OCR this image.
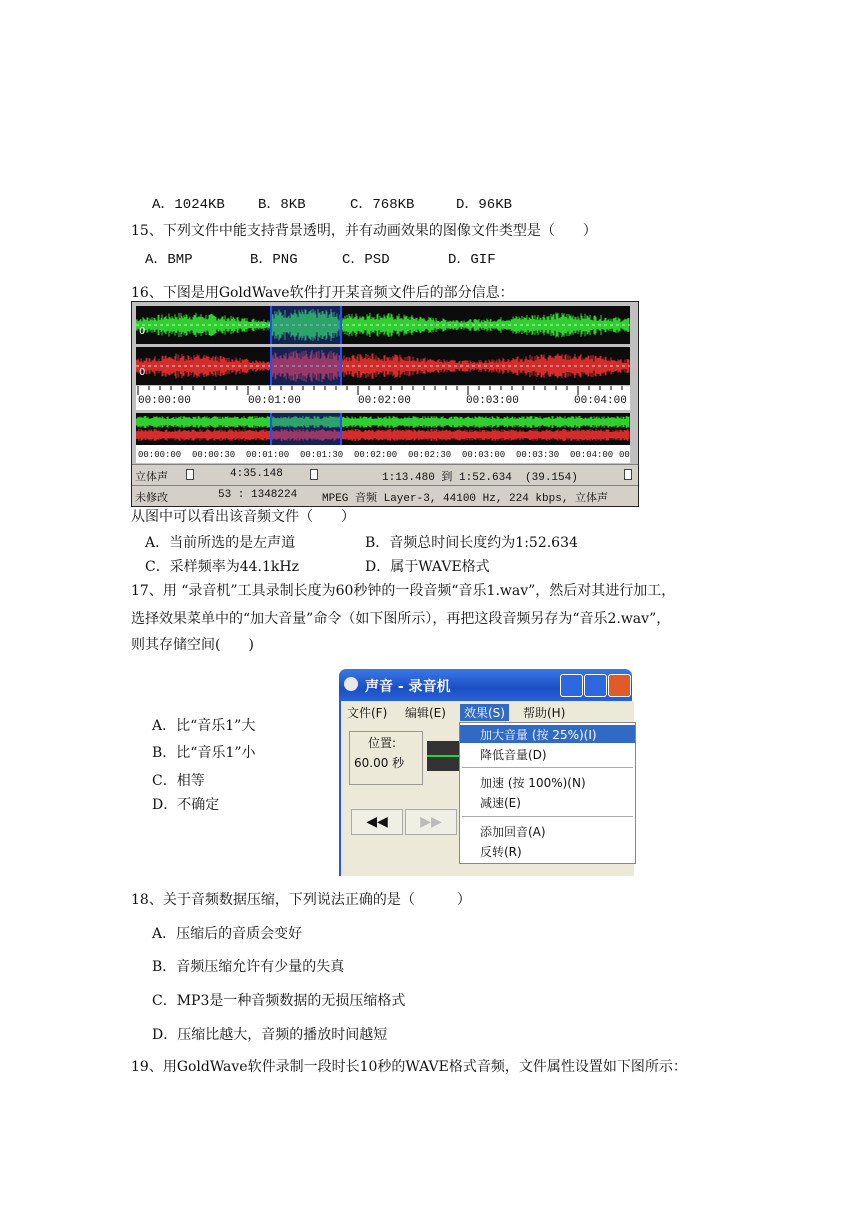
A．1024KB B．8KB	C．768KB	D．96KB
15、下列文件中能支持背景透明，并有动画效果的图像文件类型是（　　）
A．BMP	B．PNG	C．PSD	D．GIF
16、下图是用GoldWave软件打开某音频文件后的部分信息：
0
0
00:00:00	00:01:00	00:02:00	00:03:00	00:04:00
00:00:00 00:00:30 00:01:00 00:01:30 00:02:00 00:02:30 00:03:00 00:03:30 00:04:00 00
立体声	4:35.148	1:13.480 到 1:52.634  (39.154)
未修改	53 : 1348224 MPEG 音频 Layer-3, 44100 Hz, 224 kbps, 立体声
从图中可以看出该音频文件（　　）
A．当前所选的是左声道	B．音频总时间长度约为1:52.634
C．采样频率为44.1kHz	D．属于WAVE格式
17、用 “录音机”工具录制长度为60秒钟的一段音频“音乐1.wav”，然后对其进行加工，
选择效果菜单中的“加大音量”命令（如下图所示），再把这段音频另存为“音乐2.wav”，
则其存储空间(　　)
A．比“音乐1”大
B．比“音乐1”小
C．相等
D．不确定
声音 - 录音机
文件(F) 编辑(E)	效果(S)	帮助(H)
位置:
60.00 秒
◀◀	▶▶
加大音量 (按 25%)(I)
降低音量(D)
加速 (按 100%)(N)
减速(E)
添加回音(A)
反转(R)
18、关于音频数据压缩，下列说法正确的是（　　　）
A．压缩后的音质会变好
B．音频压缩允许有少量的失真
C．MP3是一种音频数据的无损压缩格式
D．压缩比越大，音频的播放时间越短
19、用GoldWave软件录制一段时长10秒的WAVE格式音频，文件属性设置如下图所示：
